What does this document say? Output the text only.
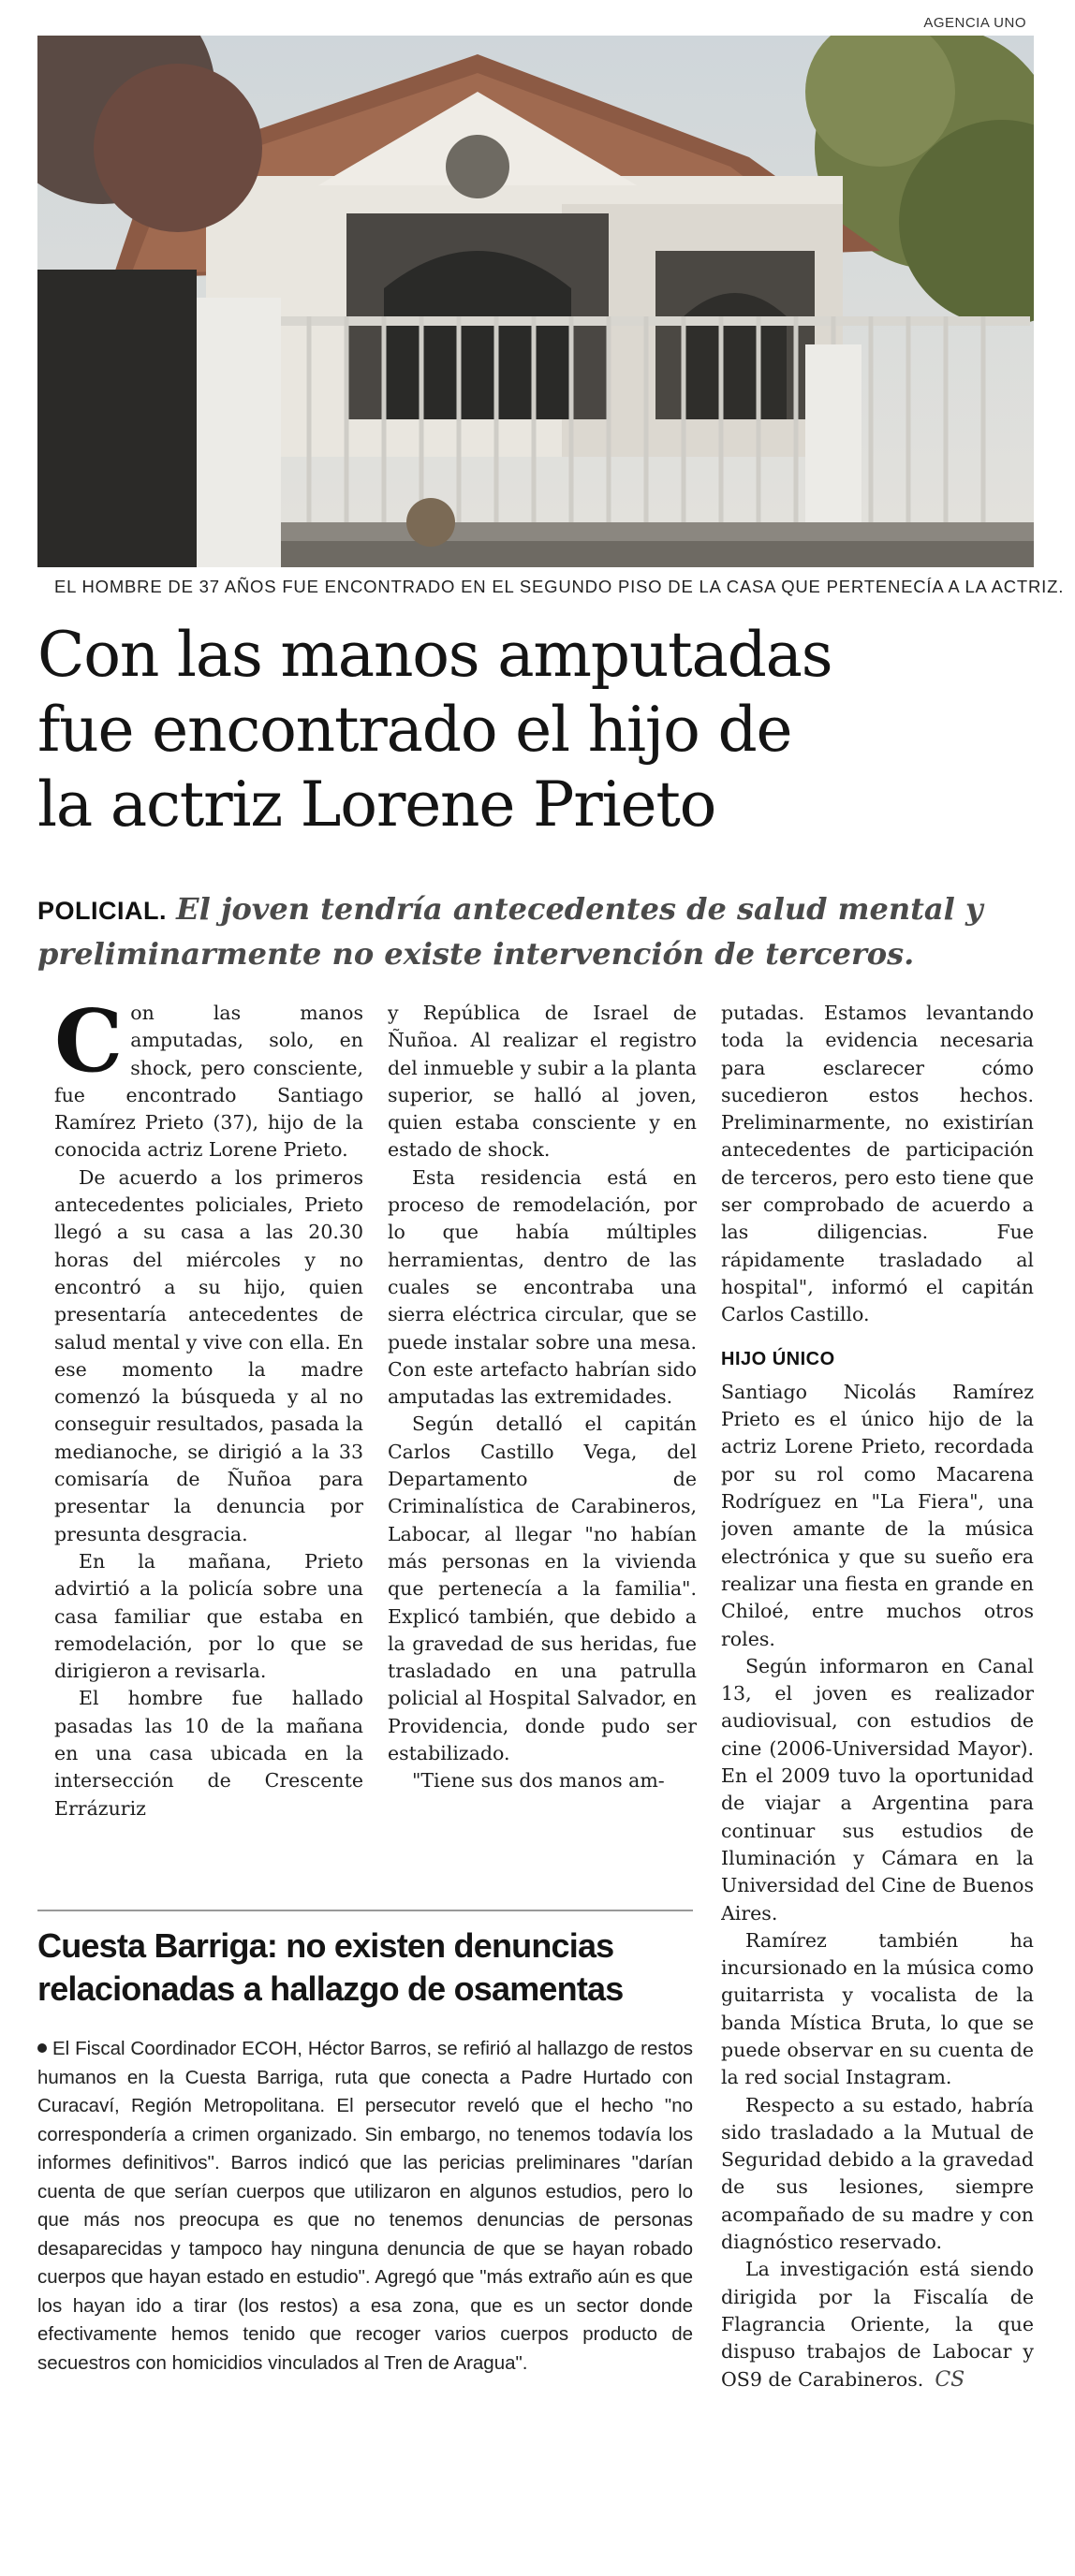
AGENCIA UNO
EL HOMBRE DE 37 AÑOS FUE ENCONTRADO EN EL SEGUNDO PISO DE LA CASA QUE PERTENECÍA A LA ACTRIZ.
Con las manos amputadas
fue encontrado el hijo de
la actriz Lorene Prieto

POLICIAL. El joven tendría antecedentes de salud mental y preliminarmente no existe intervención de terceros.

Con las manos amputadas, solo, en shock, pero consciente, fue encontrado Santiago Ramírez Prieto (37), hijo de la conocida actriz Lorene Prieto.

De acuerdo a los primeros antecedentes policiales, Prieto llegó a su casa a las 20.30 horas del miércoles y no encontró a su hijo, quien presentaría antecedentes de salud mental y vive con ella. En ese momento la madre comenzó la búsqueda y al no conseguir resultados, pasada la medianoche, se dirigió a la 33 comisaría de Ñuñoa para presentar la denuncia por presunta desgracia.

En la mañana, Prieto advirtió a la policía sobre una casa familiar que estaba en remodelación, por lo que se dirigieron a revisarla.

El hombre fue hallado pasadas las 10 de la mañana en una casa ubicada en la intersección de Crescente Errázuriz

y República de Israel de Ñuñoa. Al realizar el registro del inmueble y subir a la planta superior, se halló al joven, quien estaba consciente y en estado de shock.

Esta residencia está en proceso de remodelación, por lo que había múltiples herramientas, dentro de las cuales se encontraba una sierra eléctrica circular, que se puede instalar sobre una mesa. Con este artefacto habrían sido amputadas las extremidades.

Según detalló el capitán Carlos Castillo Vega, del Departamento de Criminalística de Carabineros, Labocar, al llegar "no habían más personas en la vivienda que pertenecía a la familia". Explicó también, que debido a la gravedad de sus heridas, fue trasladado en una patrulla policial al Hospital Salvador, en Providencia, donde pudo ser estabilizado.

"Tiene sus dos manos am-

putadas. Estamos levantando toda la evidencia necesaria para esclarecer cómo sucedieron estos hechos. Preliminarmente, no existirían antecedentes de participación de terceros, pero esto tiene que ser comprobado de acuerdo a las diligencias. Fue rápidamente trasladado al hospital", informó el capitán Carlos Castillo.

HIJO ÚNICO

Santiago Nicolás Ramírez Prieto es el único hijo de la actriz Lorene Prieto, recordada por su rol como Macarena Rodríguez en "La Fiera", una joven amante de la música electrónica y que su sueño era realizar una fiesta en grande en Chiloé, entre muchos otros roles.

Según informaron en Canal 13, el joven es realizador audiovisual, con estudios de cine (2006-Universidad Mayor). En el 2009 tuvo la oportunidad de viajar a Argentina para continuar sus estudios de Iluminación y Cámara en la Universidad del Cine de Buenos Aires.

Ramírez también ha incursionado en la música como guitarrista y vocalista de la banda Mística Bruta, lo que se puede observar en su cuenta de la red social Instagram.

Respecto a su estado, habría sido trasladado a la Mutual de Seguridad debido a la gravedad de sus lesiones, siempre acompañado de su madre y con diagnóstico reservado.

La investigación está siendo dirigida por la Fiscalía de Flagrancia Oriente, la que dispuso trabajos de Labocar y OS9 de Carabineros. CS

Cuesta Barriga: no existen denuncias
relacionadas a hallazgo de osamentas

El Fiscal Coordinador ECOH, Héctor Barros, se refirió al hallazgo de restos humanos en la Cuesta Barriga, ruta que conecta a Padre Hurtado con Curacaví, Región Metropolitana. El persecutor reveló que el hecho "no correspondería a crimen organizado. Sin embargo, no tenemos todavía los informes definitivos". Barros indicó que las pericias preliminares "darían cuenta de que serían cuerpos que utilizaron en algunos estudios, pero lo que más nos preocupa es que no tenemos denuncias de personas desaparecidas y tampoco hay ninguna denuncia de que se hayan robado cuerpos que hayan estado en estudio". Agregó que "más extraño aún es que los hayan ido a tirar (los restos) a esa zona, que es un sector donde efectivamente hemos tenido que recoger varios cuerpos producto de secuestros con homicidios vinculados al Tren de Aragua".
